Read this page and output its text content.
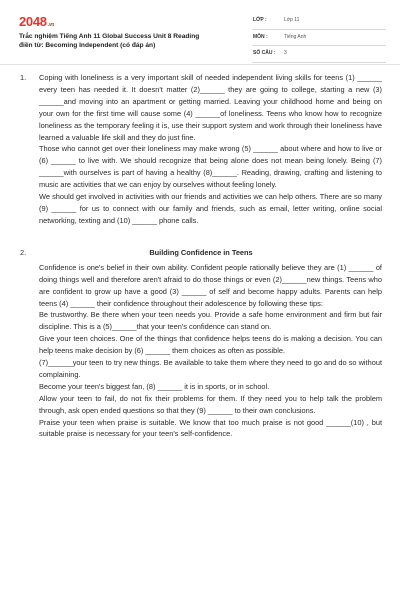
2048.vn
Trắc nghiệm Tiếng Anh 11 Global Success Unit 8 Reading
điền từ: Becoming Independent (có đáp án)
LỚP :	Lớp 11
MÔN :	Tiếng Anh
SỐ CÂU : 3
1. Coping with loneliness is a very important skill of needed independent living skills for teens (1) ______ every teen has needed it. It doesn't matter (2)______ they are going to college, starting a new (3) ______and moving into an apartment or getting married. Leaving your childhood home and being on your own for the first time will cause some (4) ______of loneliness. Teens who know how to recognize loneliness as the temporary feeling it is, use their support system and work through their loneliness have learned a valuable life skill and they do just fine.

Those who cannot get over their loneliness may make wrong (5) ______ about where and how to live or (6) ______ to live with. We should recognize that being alone does not mean being lonely. Being (7) ______with ourselves is part of having a healthy (8)______. Reading, drawing, crafting and listening to music are activities that we can enjoy by ourselves without feeling lonely.

We should get involved in activities with our friends and activities we can help others. There are so many (9) ______ for us to connect with our family and friends, such as email, letter writing, online social networking, texting and (10) ______ phone calls.

2.	Building Confidence in Teens

Confidence is one's belief in their own ability. Confident people rationally believe they are (1) ______ of doing things well and therefore aren't afraid to do those things or even (2)______new things. Teens who are confident to grow up have a good (3) ______ of self and become happy adults. Parents can help teens (4) ______ their confidence throughout their adolescence by following these tips:

Be trustworthy. Be there when your teen needs you. Provide a safe home environment and firm but fair discipline. This is a (5)______that your teen's confidence can stand on.

Give your teen choices. One of the things that confidence helps teens do is making a decision. You can help teens make decision by (6) ______ them choices as often as possible.

(7)______your teen to try new things. Be available to take them where they need to go and do so without complaining.

Become your teen's biggest fan, (8) ______ it is in sports, or in school.

Allow your teen to fail, do not fix their problems for them. If they need you to help talk the problem through, ask open ended questions so that they (9) ______ to their own conclusions.

Praise your teen when praise is suitable. We know that too much praise is not good ______(10) , but suitable praise is necessary for your teen's self-confidence.
